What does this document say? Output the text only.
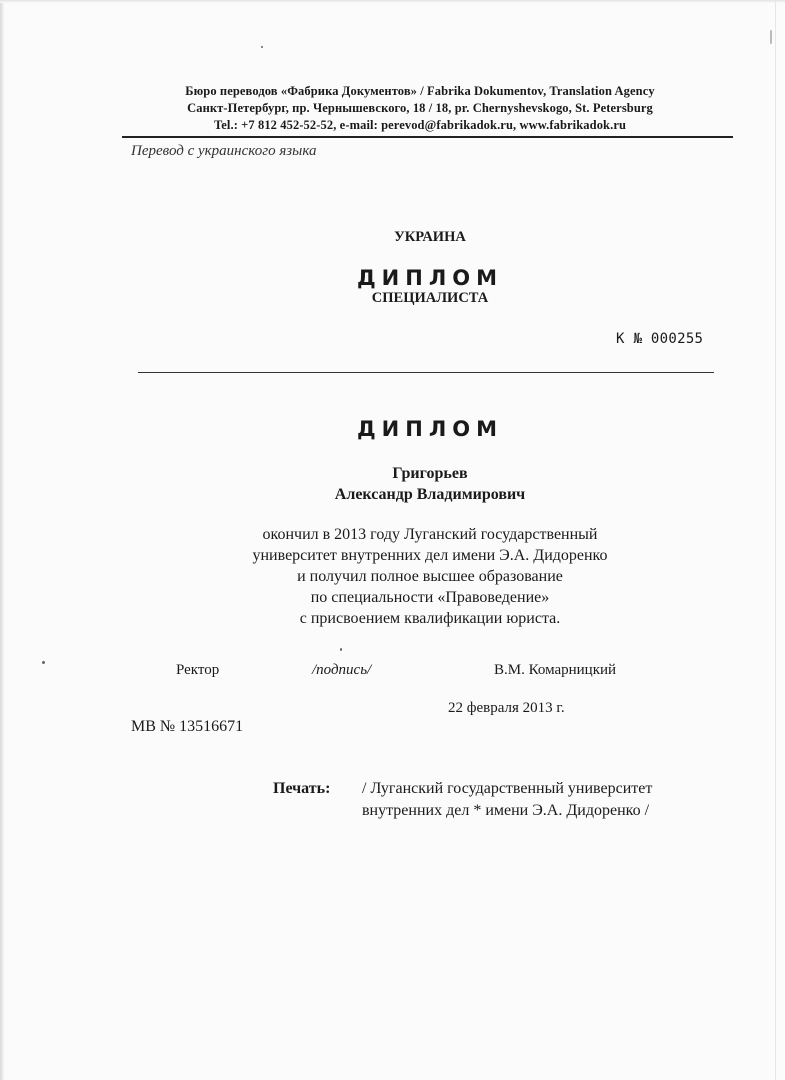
Бюро переводов «Фабрика Документов» / Fabrika Dokumentov, Translation Agency
Санкт-Петербург, пр. Чернышевского, 18 / 18, pr. Chernyshevskogo, St. Petersburg
Tel.: +7 812 452-52-52, e-mail: perevod@fabrikadok.ru, www.fabrikadok.ru
Перевод с украинского языка
УКРАИНА
ДИПЛОМ
СПЕЦИАЛИСТА
К № 000255
ДИПЛОМ
Григорьев
Александр Владимирович
окончил в 2013 году Луганский государственный
университет внутренних дел имени Э.А. Дидоренко
и получил полное высшее образование
по специальности «Правоведение»
с присвоением квалификации юриста.
Ректор	/подпись/	В.М. Комарницкий
22 февраля 2013 г.
МВ № 13516671
Печать: / Луганский государственный университет
внутренних дел * имени Э.А. Дидоренко /
